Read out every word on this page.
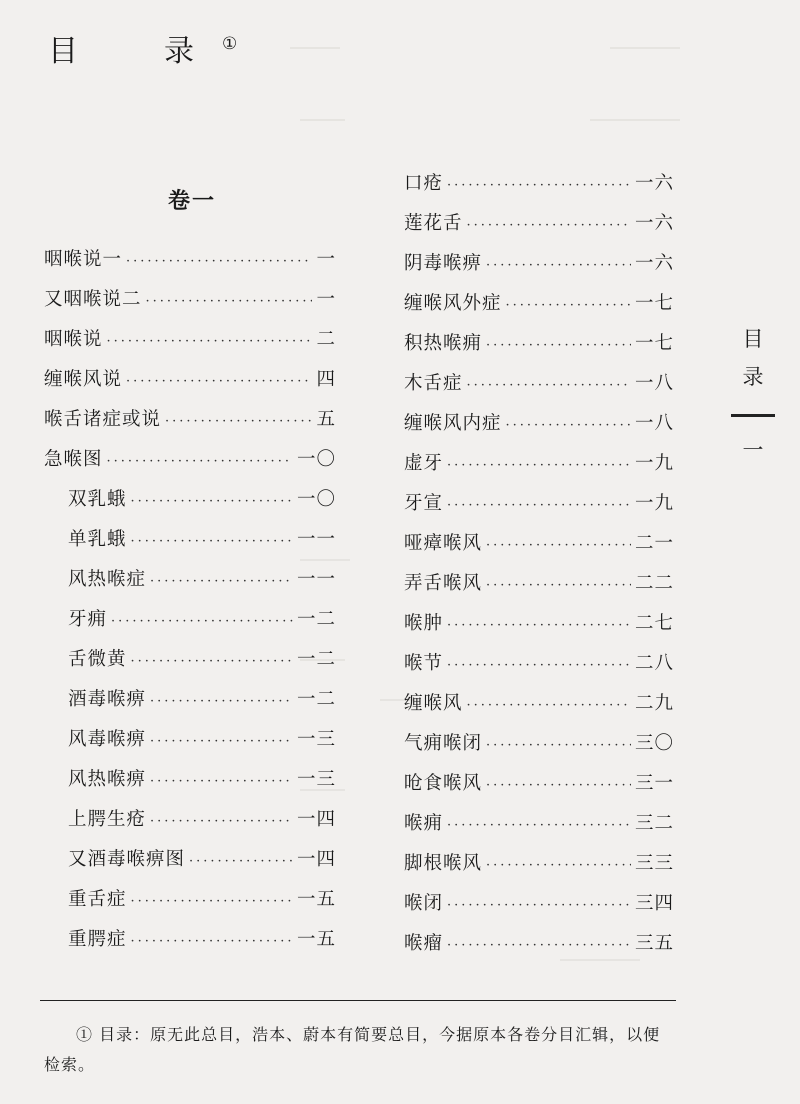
目　录①
卷一
咽喉说一 ·····	一
又咽喉说二 ·····	一
咽喉说 ·····	二
缠喉风说 ·····	四
喉舌诸症或说 ·····	五
急喉图 ·····	一〇
双乳蛾 ·····	一〇
单乳蛾 ·····	一一
风热喉症 ·····	一一
牙痈 ·····	一二
舌微黄 ·····	一二
酒毒喉痹 ·····	一二
风毒喉痹 ·····	一三
风热喉痹 ·····	一三
上腭生疮 ·····	一四
又酒毒喉痹图 ·····	一四
重舌症 ·····	一五
重腭症 ·····	一五
口疮 ·····	一六
莲花舌 ·····	一六
阴毒喉痹 ·····	一六
缠喉风外症 ·····	一七
积热喉痈 ·····	一七
木舌症 ·····	一八
缠喉风内症 ·····	一八
虚牙 ·····	一九
牙宣 ·····	一九
哑瘴喉风 ·····	二一
弄舌喉风 ·····	二二
喉肿 ·····	二七
喉节 ·····	二八
缠喉风 ·····	二九
气痈喉闭 ·····	三〇
呛食喉风 ·····	三一
喉痈 ·····	三二
脚根喉风 ·····	三三
喉闭 ·····	三四
喉瘤 ·····	三五
目
录
一
① 目录：原无此总目，浩本、蔚本有简要总目，今据原本各卷分目汇辑，以便检索。
